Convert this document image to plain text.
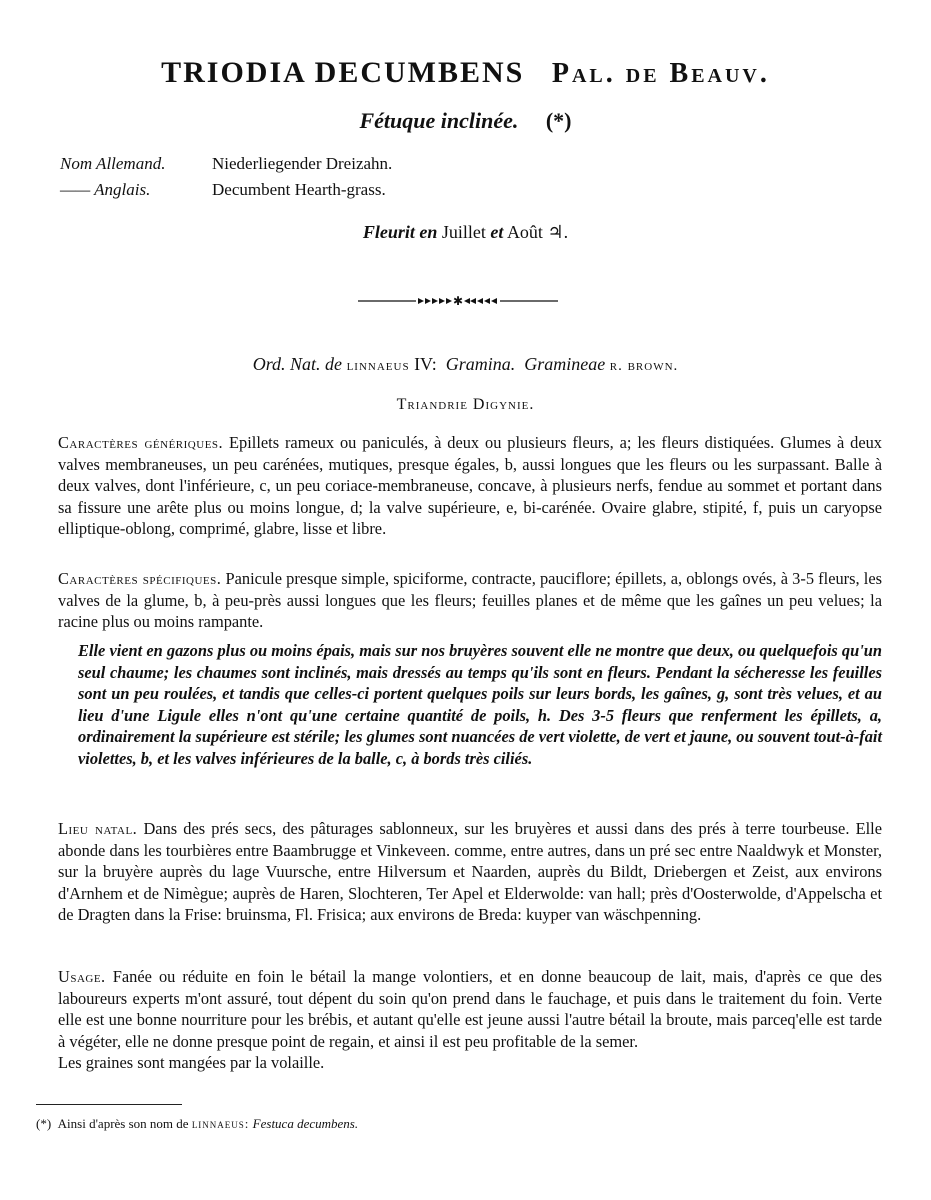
TRIODIA DECUMBENS Pal. de Beauv.
Fétuque inclinée. (*)
Nom Allemand.	Niederliegender Dreizahn.
—— Anglais.	Decumbent Hearth-grass.
Fleurit en Juillet et Août ♃.
✱
Ord. Nat. de linnaeus IV: Gramina. Gramineae r. brown.
Triandrie Digynie.
Caractères génériques. Epillets rameux ou paniculés, à deux ou plusieurs fleurs, a; les fleurs distiquées. Glumes à deux valves membraneuses, un peu carénées, mutiques, presque égales, b, aussi longues que les fleurs ou les surpassant. Balle à deux valves, dont l'inférieure, c, un peu coriace-membraneuse, concave, à plusieurs nerfs, fendue au sommet et portant dans sa fissure une arête plus ou moins longue, d; la valve supérieure, e, bi-carénée. Ovaire glabre, stipité, f, puis un caryopse elliptique-oblong, comprimé, glabre, lisse et libre.
Caractères spécifiques. Panicule presque simple, spiciforme, contracte, pauciflore; épillets, a, oblongs ovés, à 3-5 fleurs, les valves de la glume, b, à peu-près aussi longues que les fleurs; feuilles planes et de même que les gaînes un peu velues; la racine plus ou moins rampante.
Elle vient en gazons plus ou moins épais, mais sur nos bruyères souvent elle ne montre que deux, ou quelquefois qu'un seul chaume; les chaumes sont inclinés, mais dressés au temps qu'ils sont en fleurs. Pendant la sécheresse les feuilles sont un peu roulées, et tandis que celles-ci portent quelques poils sur leurs bords, les gaînes, g, sont très velues, et au lieu d'une Ligule elles n'ont qu'une certaine quantité de poils, h. Des 3-5 fleurs que renferment les épillets, a, ordinairement la supérieure est stérile; les glumes sont nuancées de vert violette, de vert et jaune, ou souvent tout-à-fait violettes, b, et les valves inférieures de la balle, c, à bords très ciliés.
Lieu natal. Dans des prés secs, des pâturages sablonneux, sur les bruyères et aussi dans des prés à terre tourbeuse. Elle abonde dans les tourbières entre Baambrugge et Vinkeveen. comme, entre autres, dans un pré sec entre Naaldwyk et Monster, sur la bruyère auprès du lage Vuursche, entre Hilversum et Naarden, auprès du Bildt, Driebergen et Zeist, aux environs d'Arnhem et de Nimègue; auprès de Haren, Slochteren, Ter Apel et Elderwolde: van hall; près d'Oosterwolde, d'Appelscha et de Dragten dans la Frise: bruinsma, Fl. Frisica; aux environs de Breda: kuyper van wäschpenning.
Usage. Fanée ou réduite en foin le bétail la mange volontiers, et en donne beaucoup de lait, mais, d'après ce que des laboureurs experts m'ont assuré, tout dépent du soin qu'on prend dans le fauchage, et puis dans le traitement du foin. Verte elle est une bonne nourriture pour les brébis, et autant qu'elle est jeune aussi l'autre bétail la broute, mais parceq'elle est tarde à végéter, elle ne donne presque point de regain, et ainsi il est peu profitable de la semer.
Les graines sont mangées par la volaille.
(*) Ainsi d'après son nom de linnaeus: Festuca decumbens.
